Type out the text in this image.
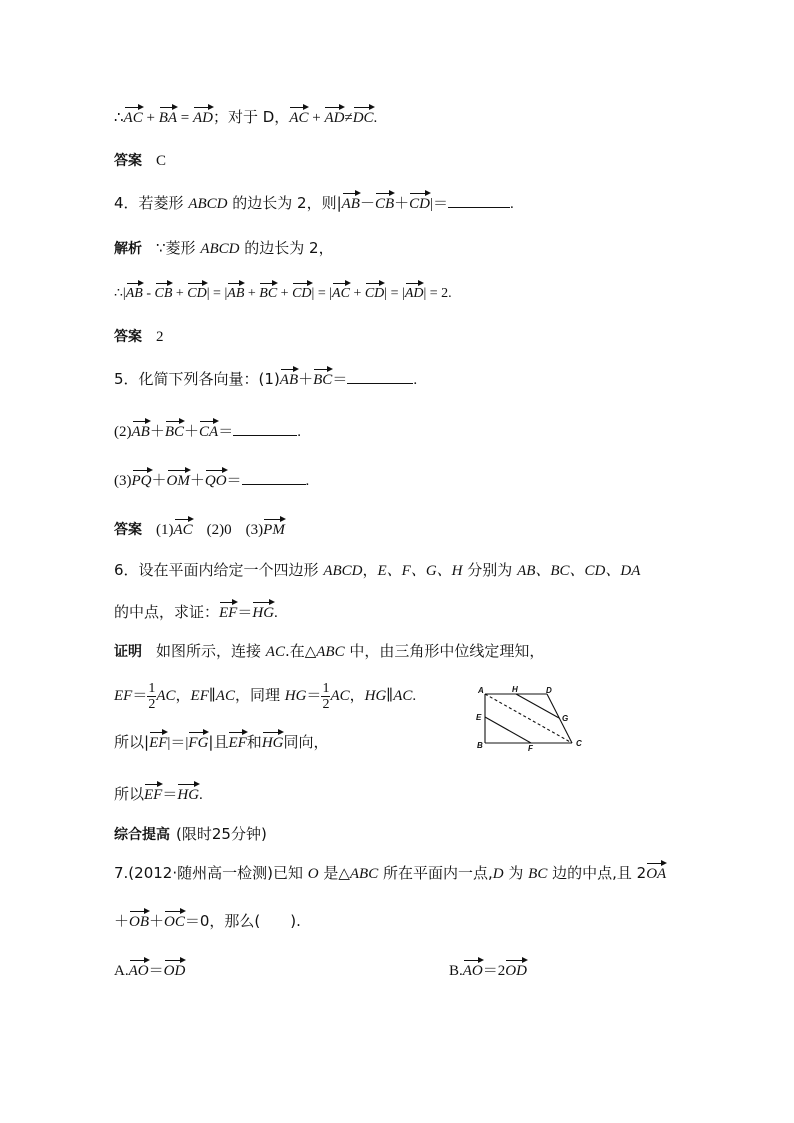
∴AC + BA = AD；对于 D，AC + AD≠DC.
答案 C
4．若菱形 ABCD 的边长为 2，则|AB－CB＋CD|＝	.
解析 ∵菱形 ABCD 的边长为 2，
∴|AB - CB + CD| = |AB + BC + CD| = |AC + CD| = |AD| = 2.
答案 2
5．化简下列各向量：(1)AB＋BC＝	.
(2)AB＋BC＋CA＝	.
(3)PQ＋OM＋QO＝	.
答案 (1)AC (2)0 (3)PM
6．设在平面内给定一个四边形 ABCD，E、F、G、H 分别为 AB、BC、CD、DA
的中点，求证：EF＝HG.
证明 如图所示，连接 AC.在△ABC 中，由三角形中位线定理知，
$EF= \frac{1}{2}$ AC，EF∥AC，同理 $HG= \frac{1}{2}$ AC，HG∥AC.
所以|EF|＝|FG|且EF和HG同向，
所以EF＝HG.
A	H	D
G
E
B	F
C
综合提高 (限时25分钟)
7.(2012·随州高一检测)已知 O 是△ABC 所在平面内一点,D 为 BC 边的中点,且 2OA
＋OB＋OC＝0，那么(　　).
A.AO＝OD	B.AO＝2OD
